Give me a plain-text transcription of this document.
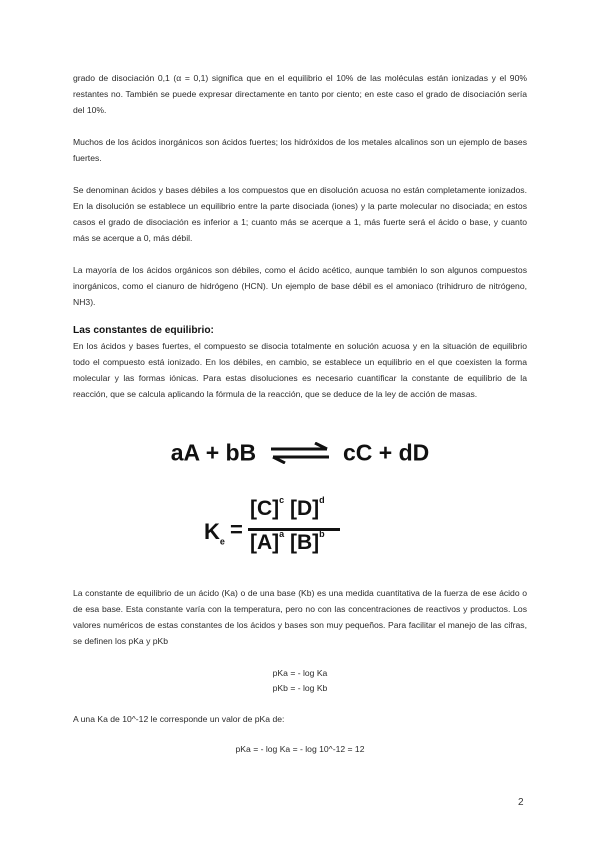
grado de disociación 0,1 (α = 0,1) significa que en el equilibrio el 10% de las moléculas están ionizadas y el 90% restantes no. También se puede expresar directamente en tanto por ciento; en este caso el grado de disociación sería del 10%.

Muchos de los ácidos inorgánicos son ácidos fuertes; los hidróxidos de los metales alcalinos son un ejemplo de bases fuertes.

Se denominan ácidos y bases débiles a los compuestos que en disolución acuosa no están completamente ionizados. En la disolución se establece un equilibrio entre la parte disociada (iones) y la parte molecular no disociada; en estos casos el grado de disociación es inferior a 1; cuanto más se acerque a 1, más fuerte será el ácido o base, y cuanto más se acerque a 0, más débil.

La mayoría de los ácidos orgánicos son débiles, como el ácido acético, aunque también lo son algunos compuestos inorgánicos, como el cianuro de hidrógeno (HCN). Un ejemplo de base débil es el amoniaco (trihidruro de nitrógeno, NH3).

Las constantes de equilibrio:

En los ácidos y bases fuertes, el compuesto se disocia totalmente en solución acuosa y en la situación de equilibrio todo el compuesto está ionizado. En los débiles, en cambio, se establece un equilibrio en el que coexisten la forma molecular y las formas iónicas. Para estas disoluciones es necesario cuantificar la constante de equilibrio de la reacción, que se calcula aplicando la fórmula de la reacción, que se deduce de la ley de acción de masas.

aA + bB ⇌ cC + dD
$K_e$ =
$[C]^c$ $[D]^d$
$[A]^a$ $[B]^b$

La constante de equilibrio de un ácido (Ka) o de una base (Kb) es una medida cuantitativa de la fuerza de ese ácido o de esa base. Esta constante varía con la temperatura, pero no con las concentraciones de reactivos y productos. Los valores numéricos de estas constantes de los ácidos y bases son muy pequeños. Para facilitar el manejo de las cifras, se definen los pKa y pKb

pKa = - log Ka

pKb = - log Kb

A una Ka de 10^-12 le corresponde un valor de pKa de:

pKa = - log Ka = - log 10^-12 = 12

2
